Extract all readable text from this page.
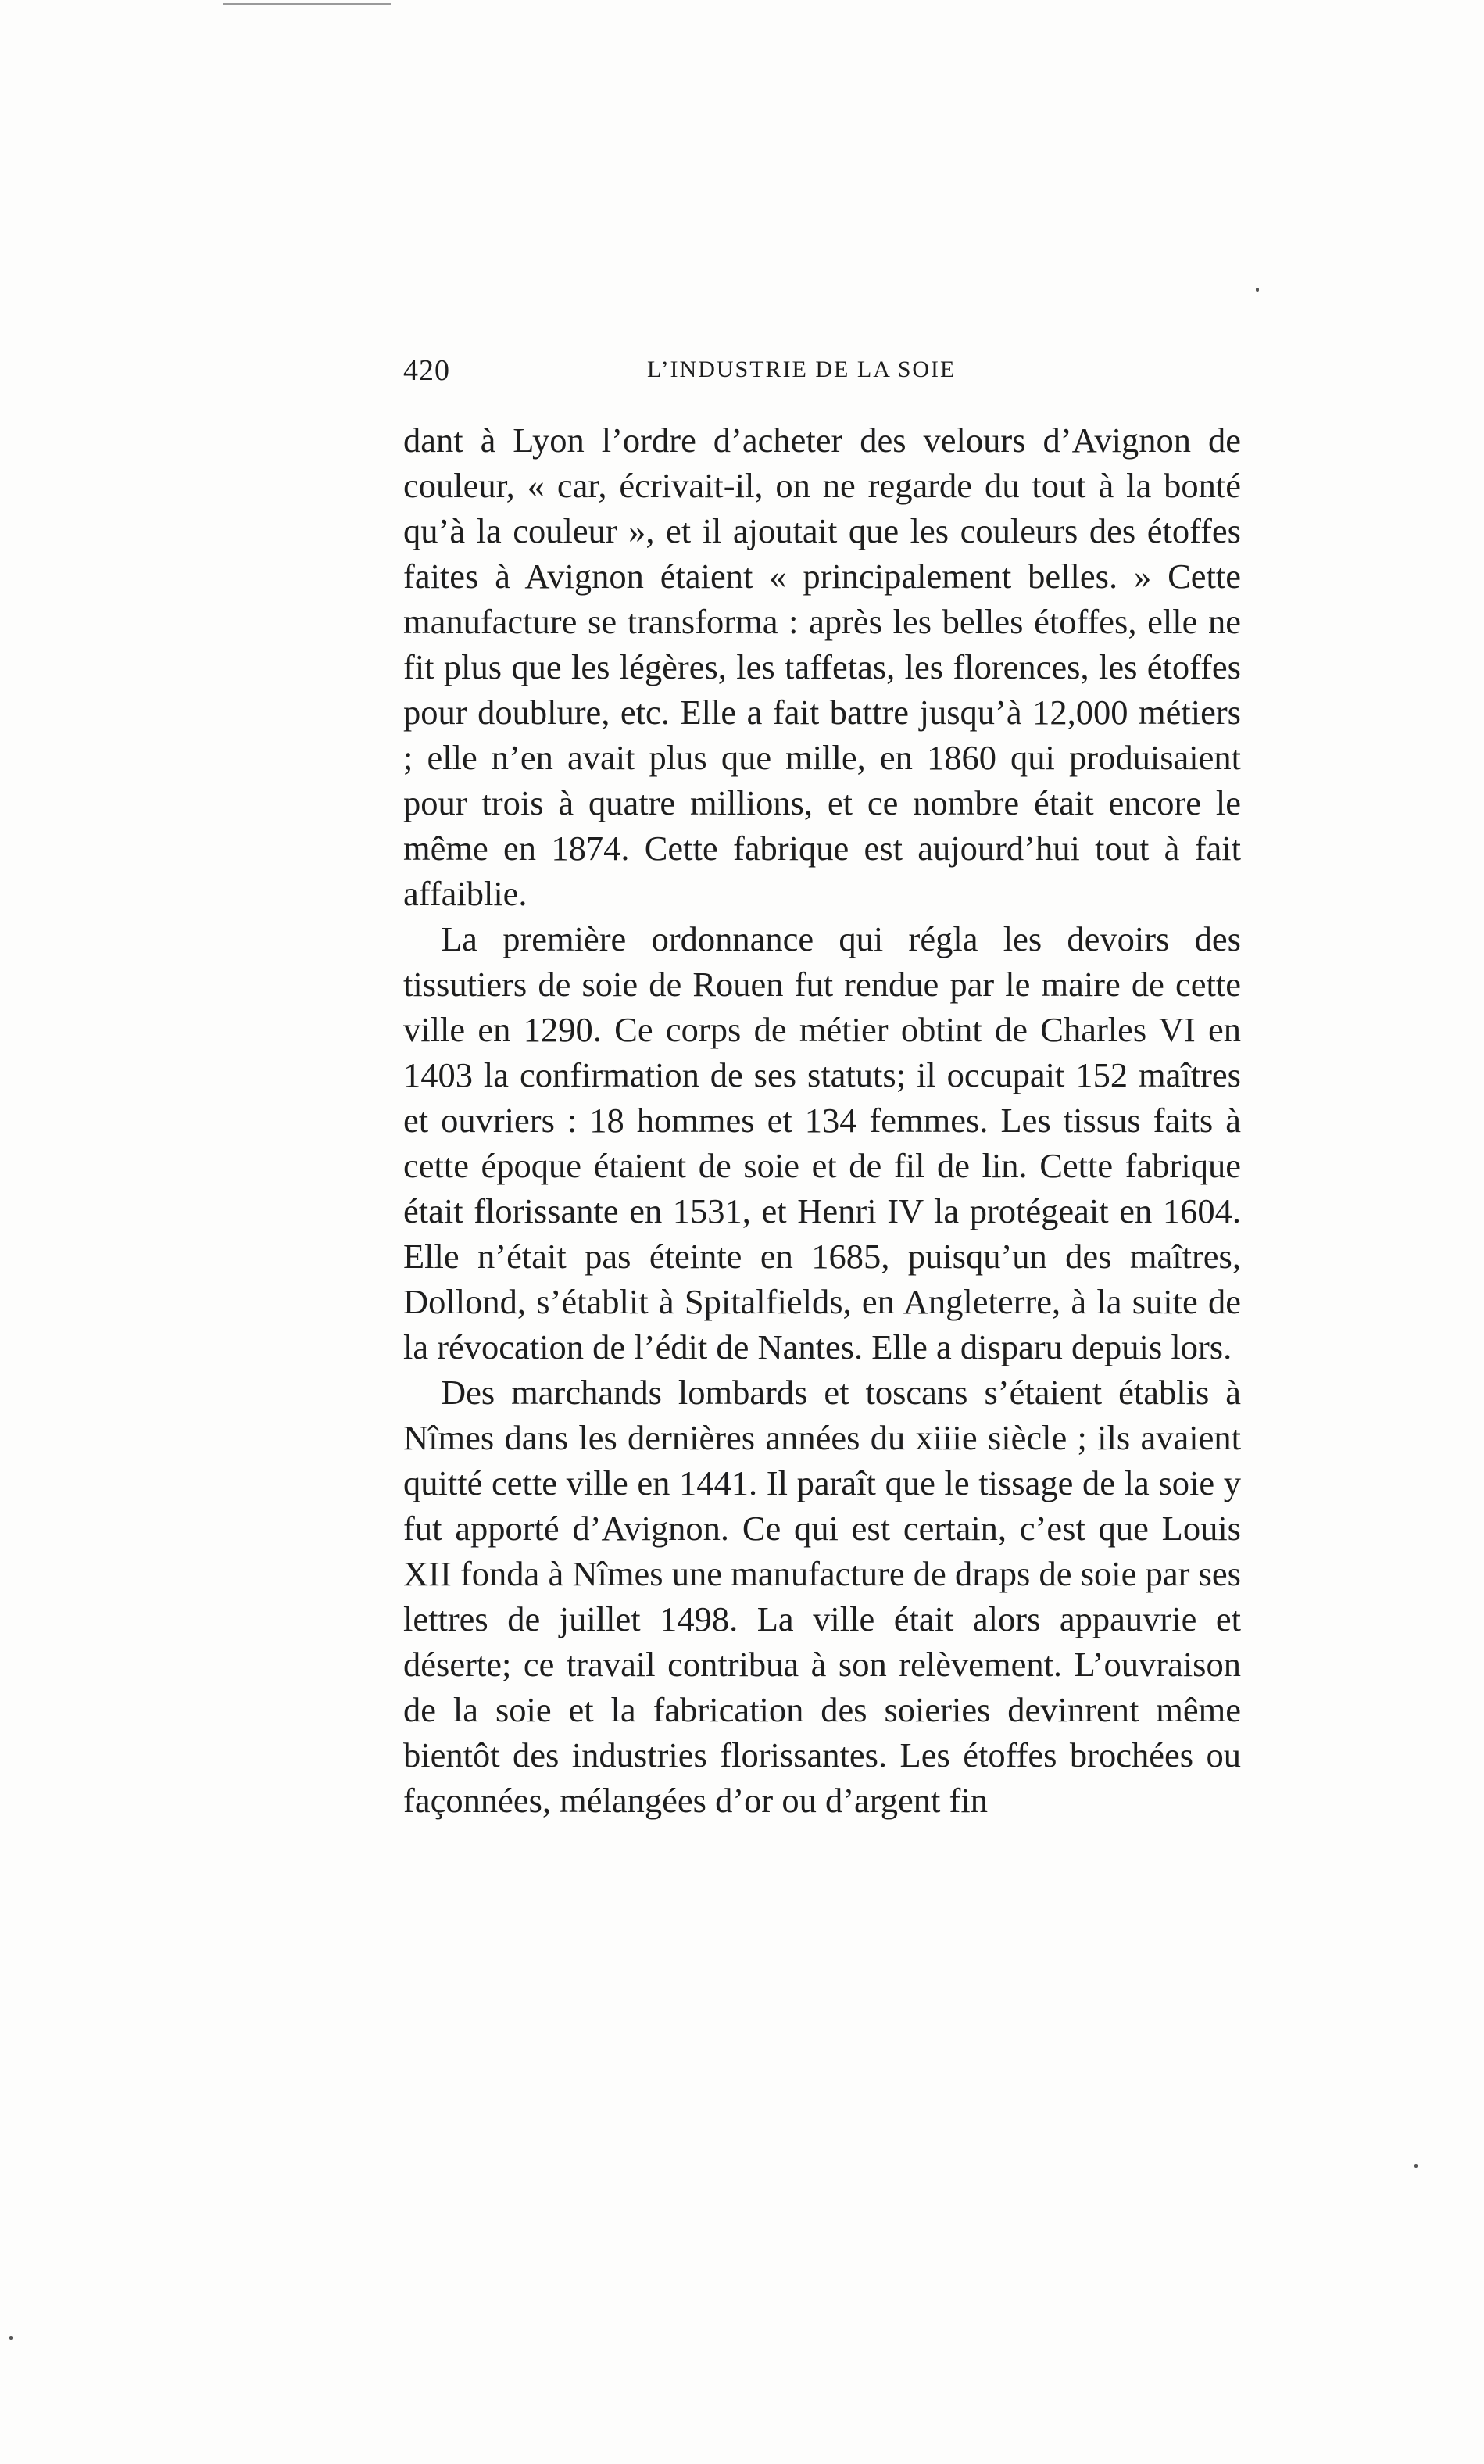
420	L’INDUSTRIE DE LA SOIE

dant à Lyon l’ordre d’acheter des velours d’Avignon de couleur, « car, écrivait-il, on ne regarde du tout à la bonté qu’à la couleur », et il ajoutait que les couleurs des étoffes faites à Avignon étaient « principalement belles. » Cette manufacture se transforma : après les belles étoffes, elle ne fit plus que les légères, les taffetas, les florences, les étoffes pour doublure, etc. Elle a fait battre jusqu’à 12,000 métiers ; elle n’en avait plus que mille, en 1860 qui produisaient pour trois à quatre millions, et ce nombre était encore le même en 1874. Cette fabrique est aujourd’hui tout à fait affaiblie.

La première ordonnance qui régla les devoirs des tissutiers de soie de Rouen fut rendue par le maire de cette ville en 1290. Ce corps de métier obtint de Charles VI en 1403 la confirmation de ses statuts; il occupait 152 maîtres et ouvriers : 18 hommes et 134 femmes. Les tissus faits à cette époque étaient de soie et de fil de lin. Cette fabrique était florissante en 1531, et Henri IV la protégeait en 1604. Elle n’était pas éteinte en 1685, puisqu’un des maîtres, Dollond, s’établit à Spitalfields, en Angleterre, à la suite de la révocation de l’édit de Nantes. Elle a disparu depuis lors.

Des marchands lombards et toscans s’étaient établis à Nîmes dans les dernières années du xiiie siècle ; ils avaient quitté cette ville en 1441. Il paraît que le tissage de la soie y fut apporté d’Avignon. Ce qui est certain, c’est que Louis XII fonda à Nîmes une manufacture de draps de soie par ses lettres de juillet 1498. La ville était alors appauvrie et déserte; ce travail contribua à son relèvement. L’ouvraison de la soie et la fabrication des soieries devinrent même bientôt des industries florissantes. Les étoffes brochées ou façonnées, mélangées d’or ou d’argent fin
